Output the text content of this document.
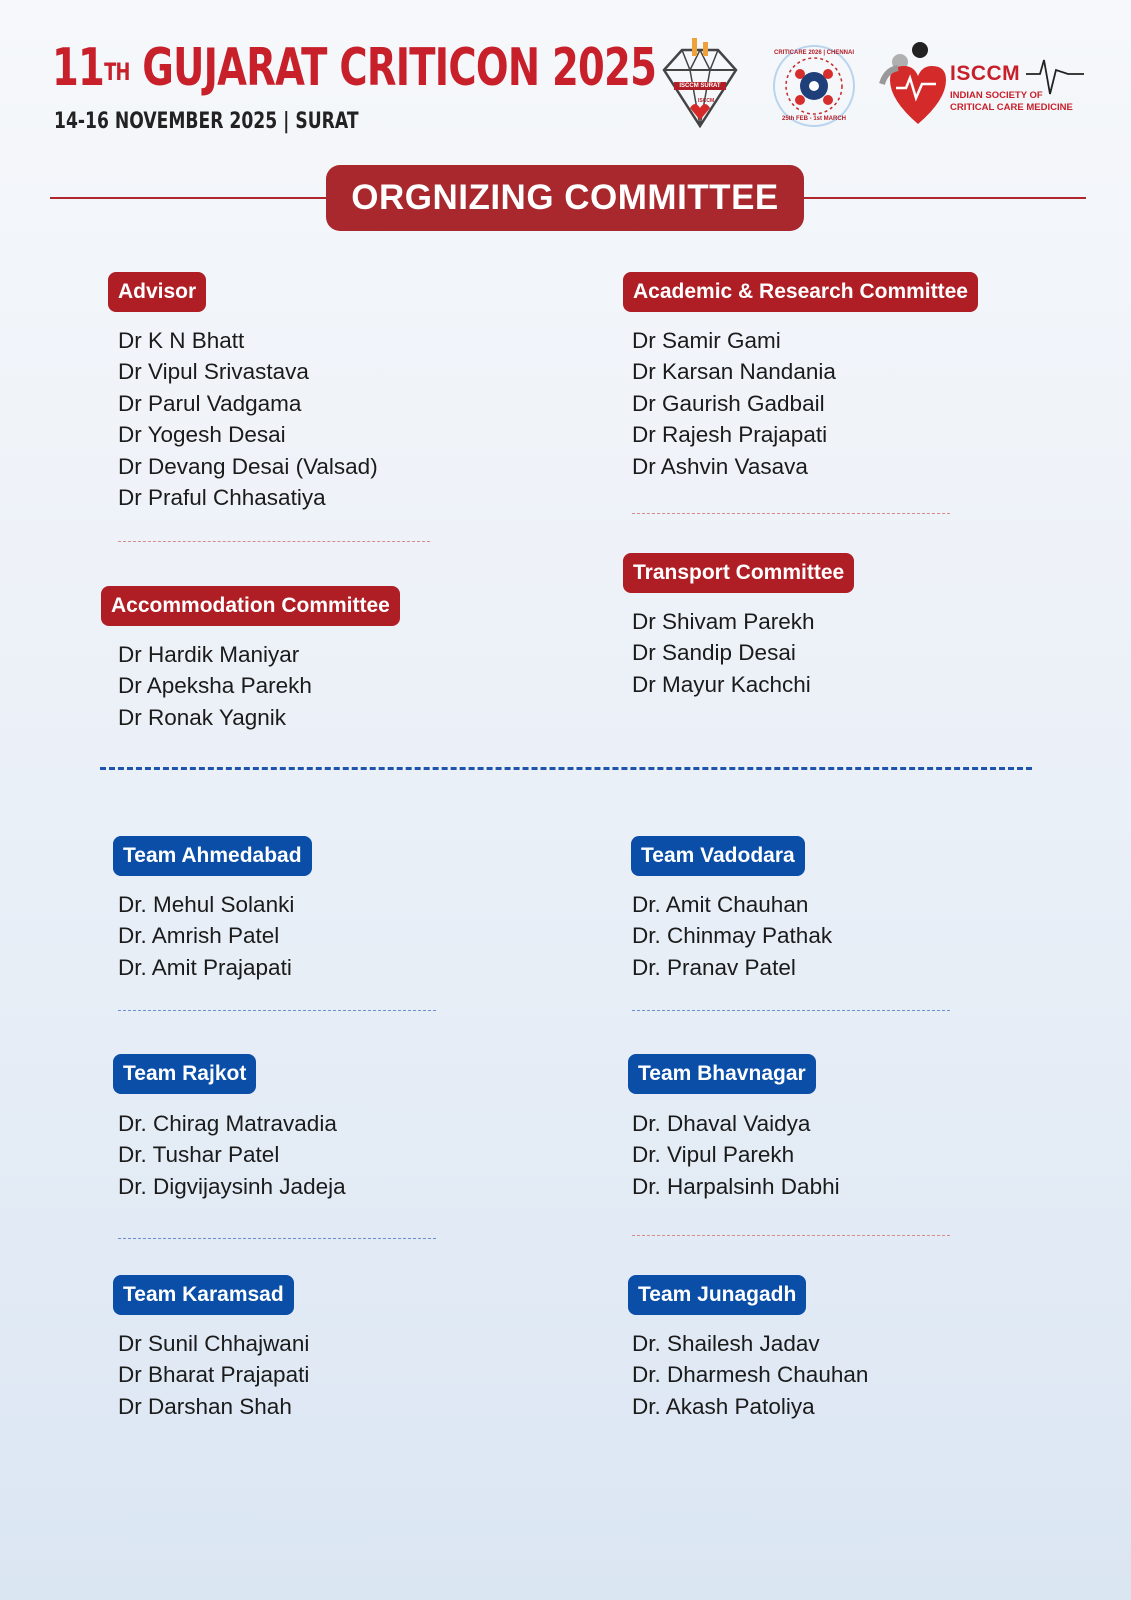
11TH GUJARAT CRITICON 2025

14-16 NOVEMBER 2025 | SURAT

ISCCM SURAT
ISCCM
CRITICARE 2026 | CHENNAI
25th FEB - 1st MARCH
ISCCM
INDIAN SOCIETY OF
CRITICAL CARE MEDICINE
ORGNIZING COMMITTEE
Advisor
Dr K N Bhatt
Dr Vipul Srivastava
Dr Parul Vadgama
Dr Yogesh Desai
Dr Devang Desai (Valsad)
Dr Praful Chhasatiya
Academic & Research Committee
Dr Samir Gami
Dr Karsan Nandania
Dr Gaurish Gadbail
Dr Rajesh Prajapati
Dr Ashvin Vasava
Accommodation Committee
Dr Hardik Maniyar
Dr Apeksha Parekh
Dr Ronak Yagnik
Transport Committee
Dr Shivam Parekh
Dr Sandip Desai
Dr Mayur Kachchi
Team Ahmedabad
Dr. Mehul Solanki
Dr. Amrish Patel
Dr. Amit Prajapati
Team Vadodara
Dr. Amit Chauhan
Dr. Chinmay Pathak
Dr. Pranav Patel
Team Rajkot
Dr. Chirag Matravadia
Dr. Tushar Patel
Dr. Digvijaysinh Jadeja
Team Bhavnagar
Dr. Dhaval Vaidya
Dr. Vipul Parekh
Dr. Harpalsinh Dabhi
Team Karamsad
Dr Sunil Chhajwani
Dr Bharat Prajapati
Dr Darshan Shah
Team Junagadh
Dr. Shailesh Jadav
Dr. Dharmesh Chauhan
Dr. Akash Patoliya
